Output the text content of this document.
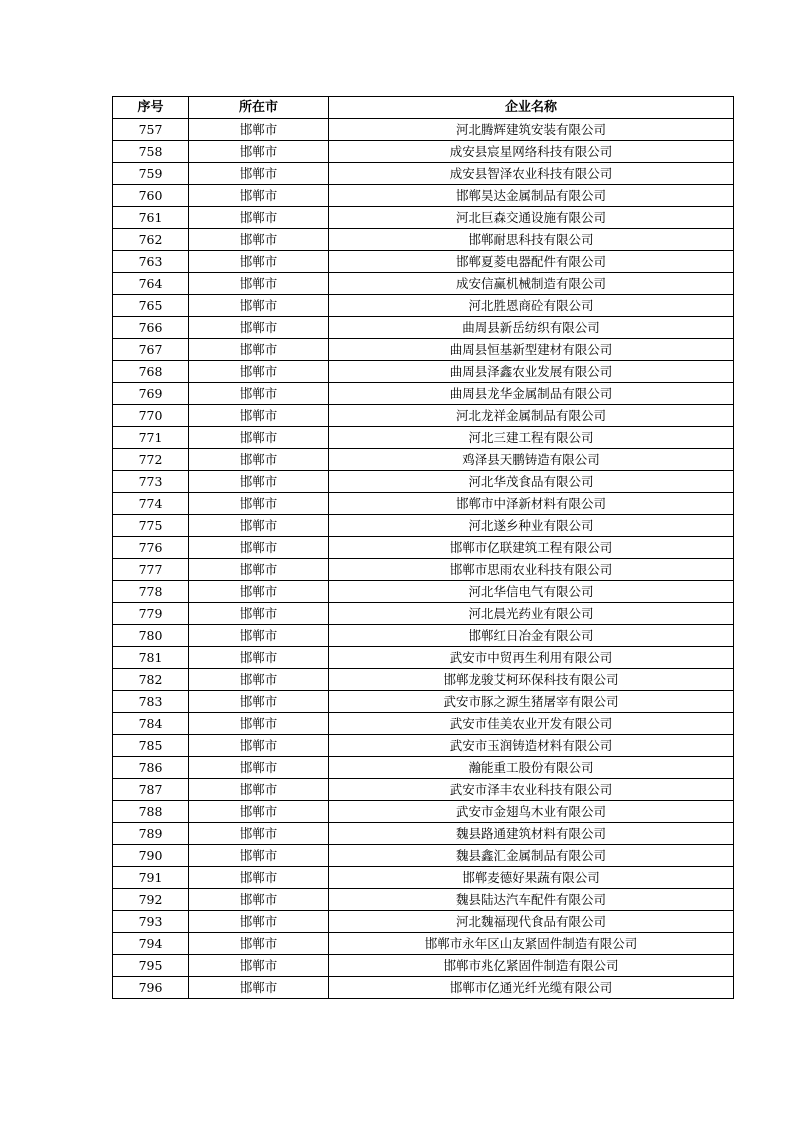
序号	所在市	企业名称
757	邯郸市	河北腾辉建筑安装有限公司
758	邯郸市	成安县宸星网络科技有限公司
759	邯郸市	成安县智泽农业科技有限公司
760	邯郸市	邯郸昊达金属制品有限公司
761	邯郸市	河北巨森交通设施有限公司
762	邯郸市	邯郸耐思科技有限公司
763	邯郸市	邯郸夏菱电器配件有限公司
764	邯郸市	成安信赢机械制造有限公司
765	邯郸市	河北胜恩商砼有限公司
766	邯郸市	曲周县新岳纺织有限公司
767	邯郸市	曲周县恒基新型建材有限公司
768	邯郸市	曲周县泽鑫农业发展有限公司
769	邯郸市	曲周县龙华金属制品有限公司
770	邯郸市	河北龙祥金属制品有限公司
771	邯郸市	河北三建工程有限公司
772	邯郸市	鸡泽县天鹏铸造有限公司
773	邯郸市	河北华茂食品有限公司
774	邯郸市	邯郸市中泽新材料有限公司
775	邯郸市	河北遂乡种业有限公司
776	邯郸市	邯郸市亿联建筑工程有限公司
777	邯郸市	邯郸市思雨农业科技有限公司
778	邯郸市	河北华信电气有限公司
779	邯郸市	河北晨光药业有限公司
780	邯郸市	邯郸红日冶金有限公司
781	邯郸市	武安市中贸再生利用有限公司
782	邯郸市	邯郸龙骏艾柯环保科技有限公司
783	邯郸市	武安市豚之源生猪屠宰有限公司
784	邯郸市	武安市佳美农业开发有限公司
785	邯郸市	武安市玉润铸造材料有限公司
786	邯郸市	瀚能重工股份有限公司
787	邯郸市	武安市泽丰农业科技有限公司
788	邯郸市	武安市金翅鸟木业有限公司
789	邯郸市	魏县路通建筑材料有限公司
790	邯郸市	魏县鑫汇金属制品有限公司
791	邯郸市	邯郸麦德好果蔬有限公司
792	邯郸市	魏县陆达汽车配件有限公司
793	邯郸市	河北魏福现代食品有限公司
794	邯郸市	邯郸市永年区山友紧固件制造有限公司
795	邯郸市	邯郸市兆亿紧固件制造有限公司
796	邯郸市	邯郸市亿通光纤光缆有限公司
